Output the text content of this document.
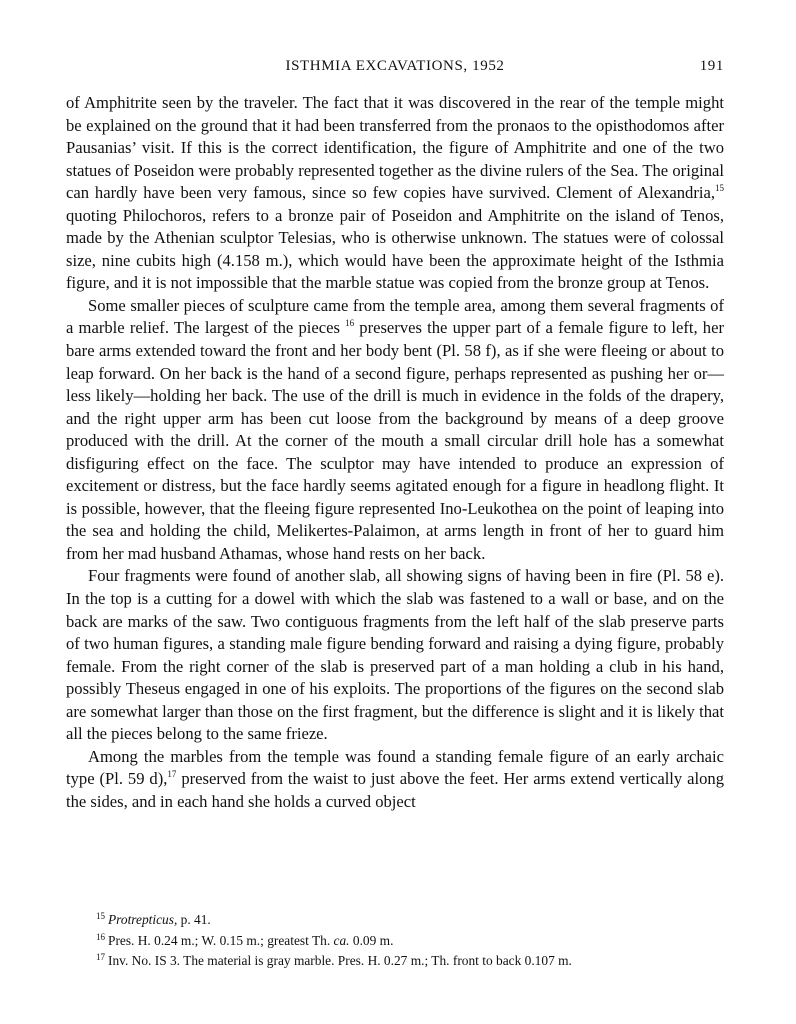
ISTHMIA EXCAVATIONS, 1952	191

of Amphitrite seen by the traveler. The fact that it was discovered in the rear of the temple might be explained on the ground that it had been transferred from the pronaos to the opisthodomos after Pausanias’ visit. If this is the correct identification, the figure of Amphitrite and one of the two statues of Poseidon were probably represented together as the divine rulers of the Sea. The original can hardly have been very famous, since so few copies have survived. Clement of Alexandria,$^{15}$ quoting Philochoros, refers to a bronze pair of Poseidon and Amphitrite on the island of Tenos, made by the Athenian sculptor Telesias, who is otherwise unknown. The statues were of colossal size, nine cubits high (4.158 m.), which would have been the approximate height of the Isthmia figure, and it is not impossible that the marble statue was copied from the bronze group at Tenos.

Some smaller pieces of sculpture came from the temple area, among them several fragments of a marble relief. The largest of the pieces $^{16}$ preserves the upper part of a female figure to left, her bare arms extended toward the front and her body bent (Pl. 58 f), as if she were fleeing or about to leap forward. On her back is the hand of a second figure, perhaps represented as pushing her or—less likely—holding her back. The use of the drill is much in evidence in the folds of the drapery, and the right upper arm has been cut loose from the background by means of a deep groove produced with the drill. At the corner of the mouth a small circular drill hole has a somewhat disfiguring effect on the face. The sculptor may have intended to produce an expression of excitement or distress, but the face hardly seems agitated enough for a figure in headlong flight. It is possible, however, that the fleeing figure represented Ino-Leukothea on the point of leaping into the sea and holding the child, Melikertes-Palaimon, at arms length in front of her to guard him from her mad husband Athamas, whose hand rests on her back.

Four fragments were found of another slab, all showing signs of having been in fire (Pl. 58 e). In the top is a cutting for a dowel with which the slab was fastened to a wall or base, and on the back are marks of the saw. Two contiguous fragments from the left half of the slab preserve parts of two human figures, a standing male figure bending forward and raising a dying figure, probably female. From the right corner of the slab is preserved part of a man holding a club in his hand, possibly Theseus engaged in one of his exploits. The proportions of the figures on the second slab are somewhat larger than those on the first fragment, but the difference is slight and it is likely that all the pieces belong to the same frieze.

Among the marbles from the temple was found a standing female figure of an early archaic type (Pl. 59 d),$^{17}$ preserved from the waist to just above the feet. Her arms extend vertically along the sides, and in each hand she holds a curved object

$^{15}$ Protrepticus, p. 41.
$^{16}$ Pres. H. 0.24 m.; W. 0.15 m.; greatest Th. ca. 0.09 m.
$^{17}$ Inv. No. IS 3. The material is gray marble. Pres. H. 0.27 m.; Th. front to back 0.107 m.
